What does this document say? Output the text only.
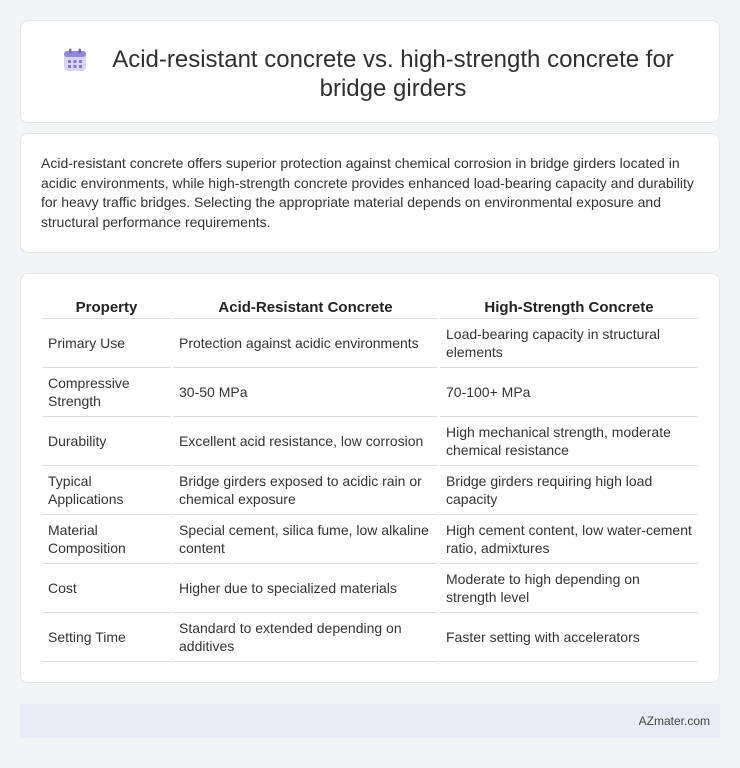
Acid-resistant concrete vs. high-strength concrete for bridge girders

Acid-resistant concrete offers superior protection against chemical corrosion in bridge girders located in acidic environments, while high-strength concrete provides enhanced load-bearing capacity and durability for heavy traffic bridges. Selecting the appropriate material depends on environmental exposure and structural performance requirements.

Property	Acid-Resistant Concrete	High-Strength Concrete
Primary Use	Protection against acidic environments	Load-bearing capacity in structural elements
Compressive Strength	30-50 MPa	70-100+ MPa
Durability	Excellent acid resistance, low corrosion	High mechanical strength, moderate chemical resistance
Typical Applications	Bridge girders exposed to acidic rain or chemical exposure	Bridge girders requiring high load capacity
Material Composition	Special cement, silica fume, low alkaline content	High cement content, low water-cement ratio, admixtures
Cost	Higher due to specialized materials	Moderate to high depending on strength level
Setting Time	Standard to extended depending on additives	Faster setting with accelerators
AZmater.com
